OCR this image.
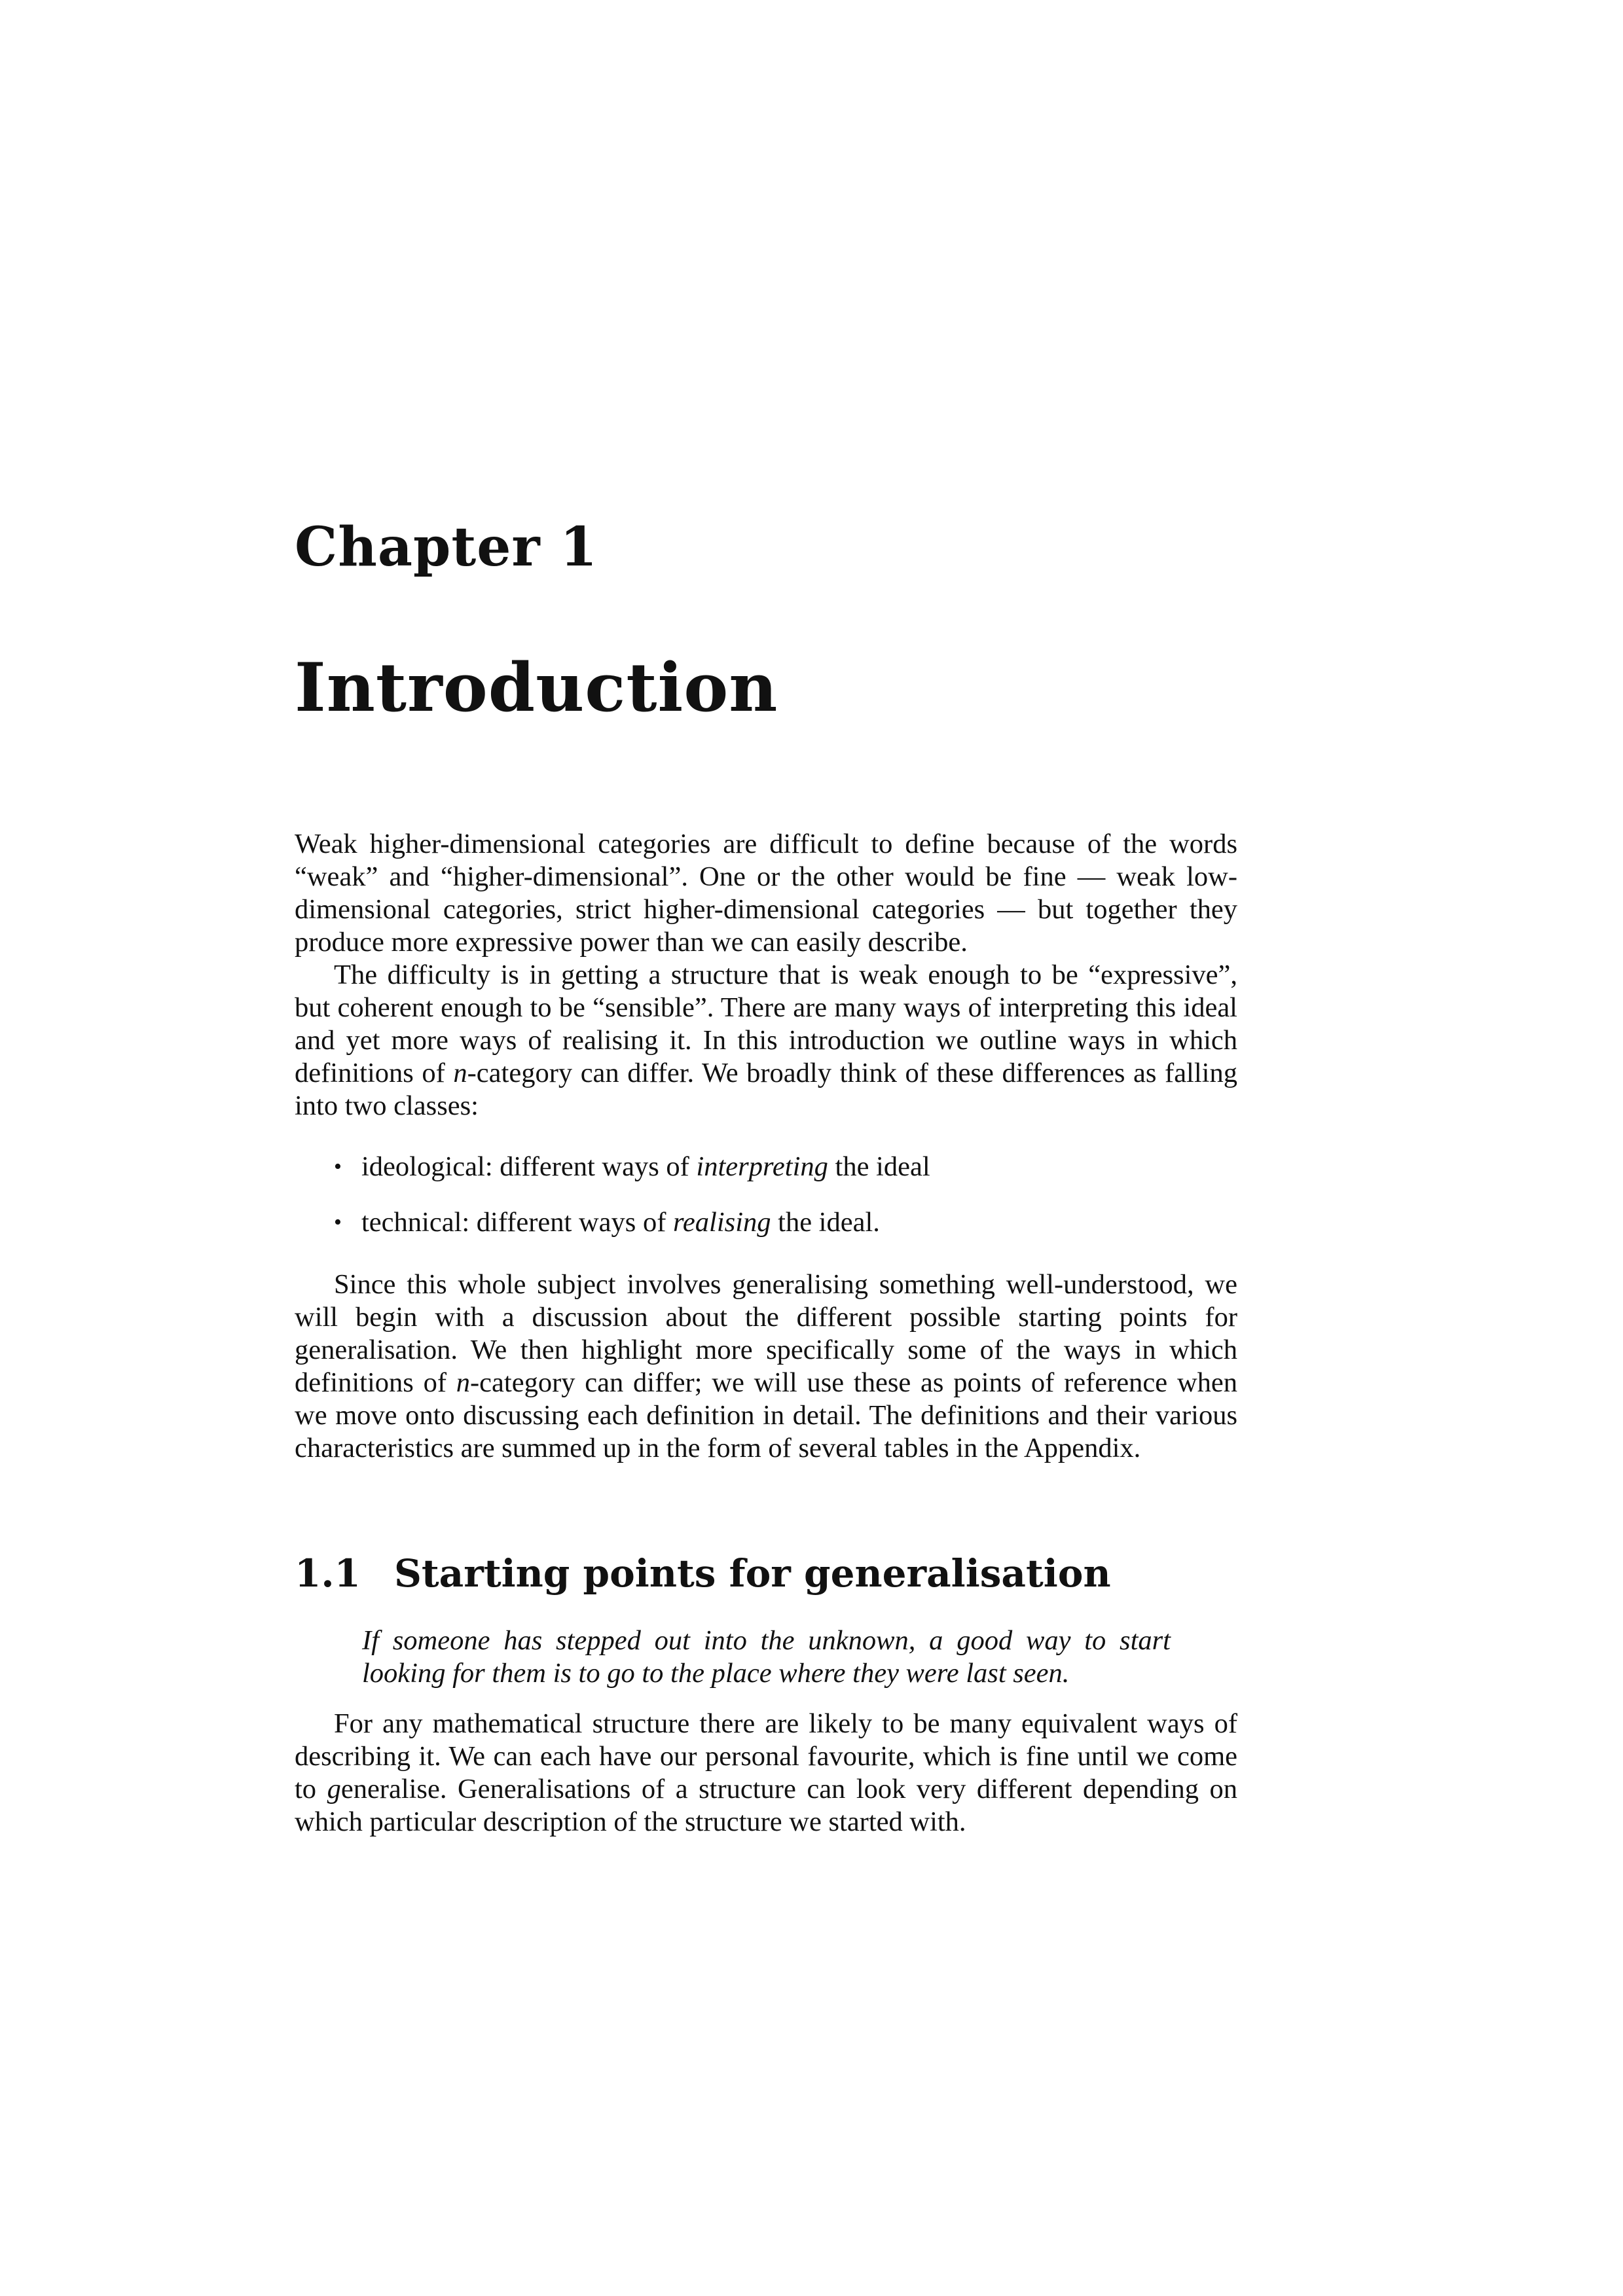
Chapter 1
Introduction

Weak higher-dimensional categories are difficult to define because of the words “weak” and “higher-dimensional”. One or the other would be fine — weak low-dimensional categories, strict higher-dimensional categories — but together they produce more expressive power than we can easily describe.

The difficulty is in getting a structure that is weak enough to be “expressive”, but coherent enough to be “sensible”. There are many ways of interpreting this ideal and yet more ways of realising it. In this introduction we outline ways in which definitions of n-category can differ. We broadly think of these differences as falling into two classes:

• ideological: different ways of interpreting the ideal
• technical: different ways of realising the ideal.

Since this whole subject involves generalising something well-understood, we will begin with a discussion about the different possible starting points for generalisation. We then highlight more specifically some of the ways in which definitions of n-category can differ; we will use these as points of reference when we move onto discussing each definition in detail. The definitions and their various characteristics are summed up in the form of several tables in the Appendix.

1.1 Starting points for generalisation

If someone has stepped out into the unknown, a good way to start looking for them is to go to the place where they were last seen.

For any mathematical structure there are likely to be many equivalent ways of describing it. We can each have our personal favourite, which is fine until we come to generalise. Generalisations of a structure can look very different depending on which particular description of the structure we started with.
